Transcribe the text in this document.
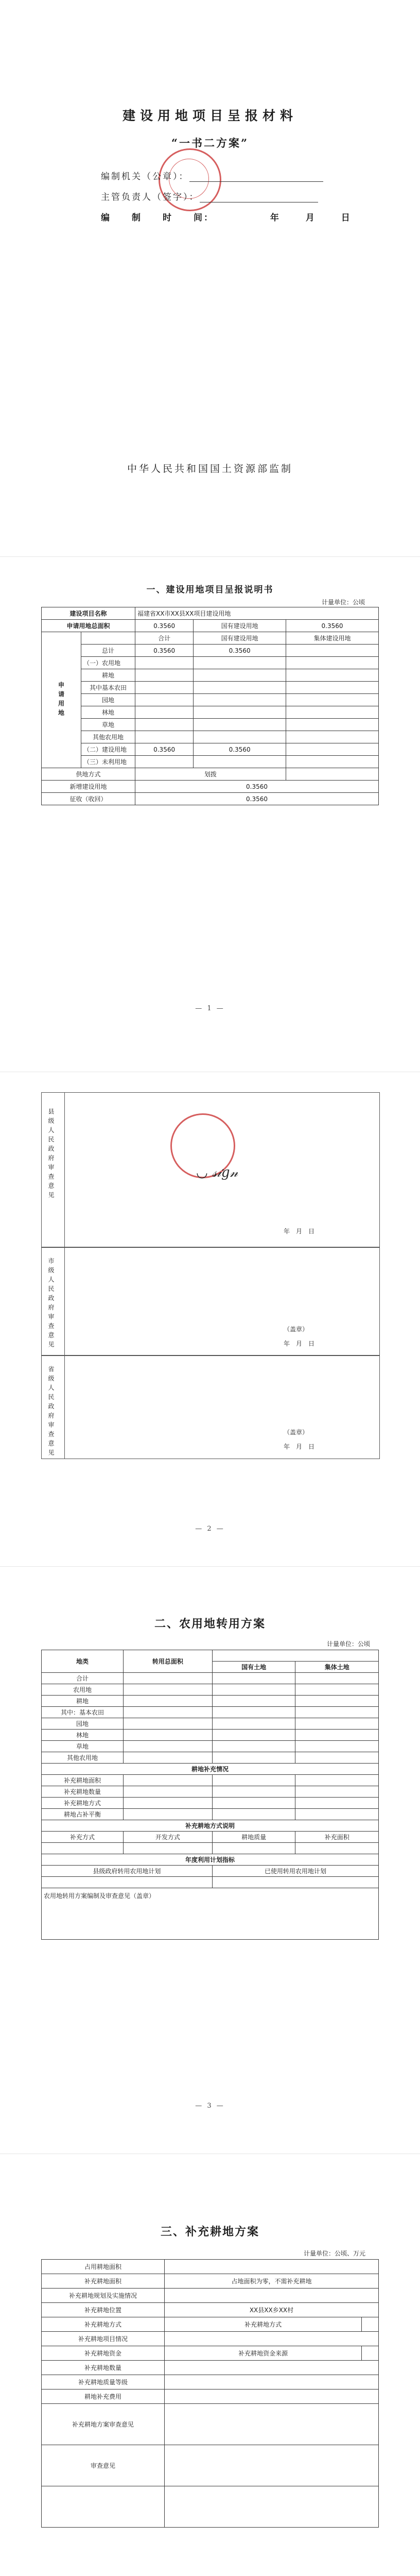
建设用地项目呈报材料
“一书二方案”
编制机关（公章）：
主管负责人（签字）：
编　　制　　时　　间：	年	月	日
中华人民共和国国土资源部监制
一、建设用地项目呈报说明书
计量单位：公顷
建设项目名称		福建省XX市XX县XX项目建设用地		
申请用地总面积		0.3560	国有建设用地	0.3560
申请用地		合计	国有建设用地	集体建设用地
	总计	0.3560	0.3560	
	（一）农用地			
	耕地			
	其中基本农田			
	园地			
	林地			
	草地			
	其他农用地			
	（二）建设用地	0.3560	0.3560	
	（三）未利用地			
供地方式		划拨		
新增建设用地		0.3560		
征收（收回）		0.3560		
— 1 —
县级人民政府审查意见	◡ 𝓈𝒾𝑔𝓃
年　月　日
市级人民政府审查意见	（盖章）
年　月　日
省级人民政府审查意见	（盖章）
年　月　日
— 2 —
二、农用地转用方案
计量单位：公顷
地类	转用总面积		
		国有土地	集体土地
合计			
农用地			
耕地			
其中：基本农田			
园地			
林地			
草地			
其他农用地			
耕地补充情况			
补充耕地面积			
补充耕地数量			
补充耕地方式			
耕地占补平衡			
补充耕地方式说明			
补充方式	开发方式	耕地质量	补充面积

年度利用计划指标			
县级政府转用农用地计划		已使用转用农用地计划	

农用地转用方案编制及审查意见（盖章）			
— 3 —
三、补充耕地方案
计量单位：公顷、万元
占用耕地面积		
补充耕地面积	占地面积为零，不需补充耕地	
补充耕地规划及实施情况		
补充耕地位置	XX县XX乡XX村	
补充耕地方式	补充耕地方式	
补充耕地项目情况		
补充耕地资金	补充耕地资金来源	
补充耕地数量		
补充耕地质量等级		
耕地补充费用		
补充耕地方案审查意见		
审查意见		
